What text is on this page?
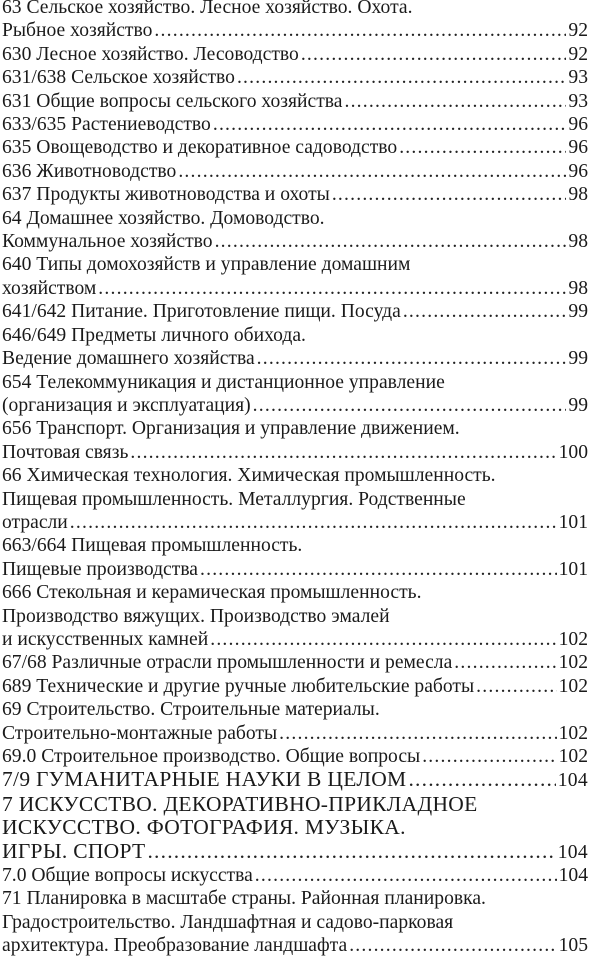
63 Сельское хозяйство. Лесное хозяйство. Охота.
Рыбное хозяйство .....	92
630 Лесное хозяйство. Лесоводство .....	92
631/638 Сельское хозяйство .....	93
631 Общие вопросы сельского хозяйства .....	93
633/635 Растениеводство .....	96
635 Овощеводство и декоративное садоводство .....	96
636 Животноводство .....	96
637 Продукты животноводства и охоты .....	98
64 Домашнее хозяйство. Домоводство.
Коммунальное хозяйство .....	98
640 Типы домохозяйств и управление домашним
хозяйством .....	98
641/642 Питание. Приготовление пищи. Посуда .....	99
646/649 Предметы личного обихода.
Ведение домашнего хозяйства .....	99
654 Телекоммуникация и дистанционное управление
(организация и эксплуатация) .....	99
656 Транспорт. Организация и управление движением.
Почтовая связь .....	100
66 Химическая технология. Химическая промышленность.
Пищевая промышленность. Металлургия. Родственные
отрасли .....	101
663/664 Пищевая промышленность.
Пищевые производства .....	101
666 Стекольная и керамическая промышленность.
Производство вяжущих. Производство эмалей
и искусственных камней .....	102
67/68 Различные отрасли промышленности и ремесла .....	102
689 Технические и другие ручные любительские работы .....	102
69 Строительство. Строительные материалы.
Строительно-монтажные работы .....	102
69.0 Строительное производство. Общие вопросы .....	102
7/9 ГУМАНИТАРНЫЕ НАУКИ В ЦЕЛОМ .....	104
7 ИСКУССТВО. ДЕКОРАТИВНО-ПРИКЛАДНОЕ
ИСКУССТВО. ФОТОГРАФИЯ. МУЗЫКА.
ИГРЫ. СПОРТ .....	104
7.0 Общие вопросы искусства .....	104
71 Планировка в масштабе страны. Районная планировка.
Градостроительство. Ландшафтная и садово-парковая
архитектура. Преобразование ландшафта .....	105
